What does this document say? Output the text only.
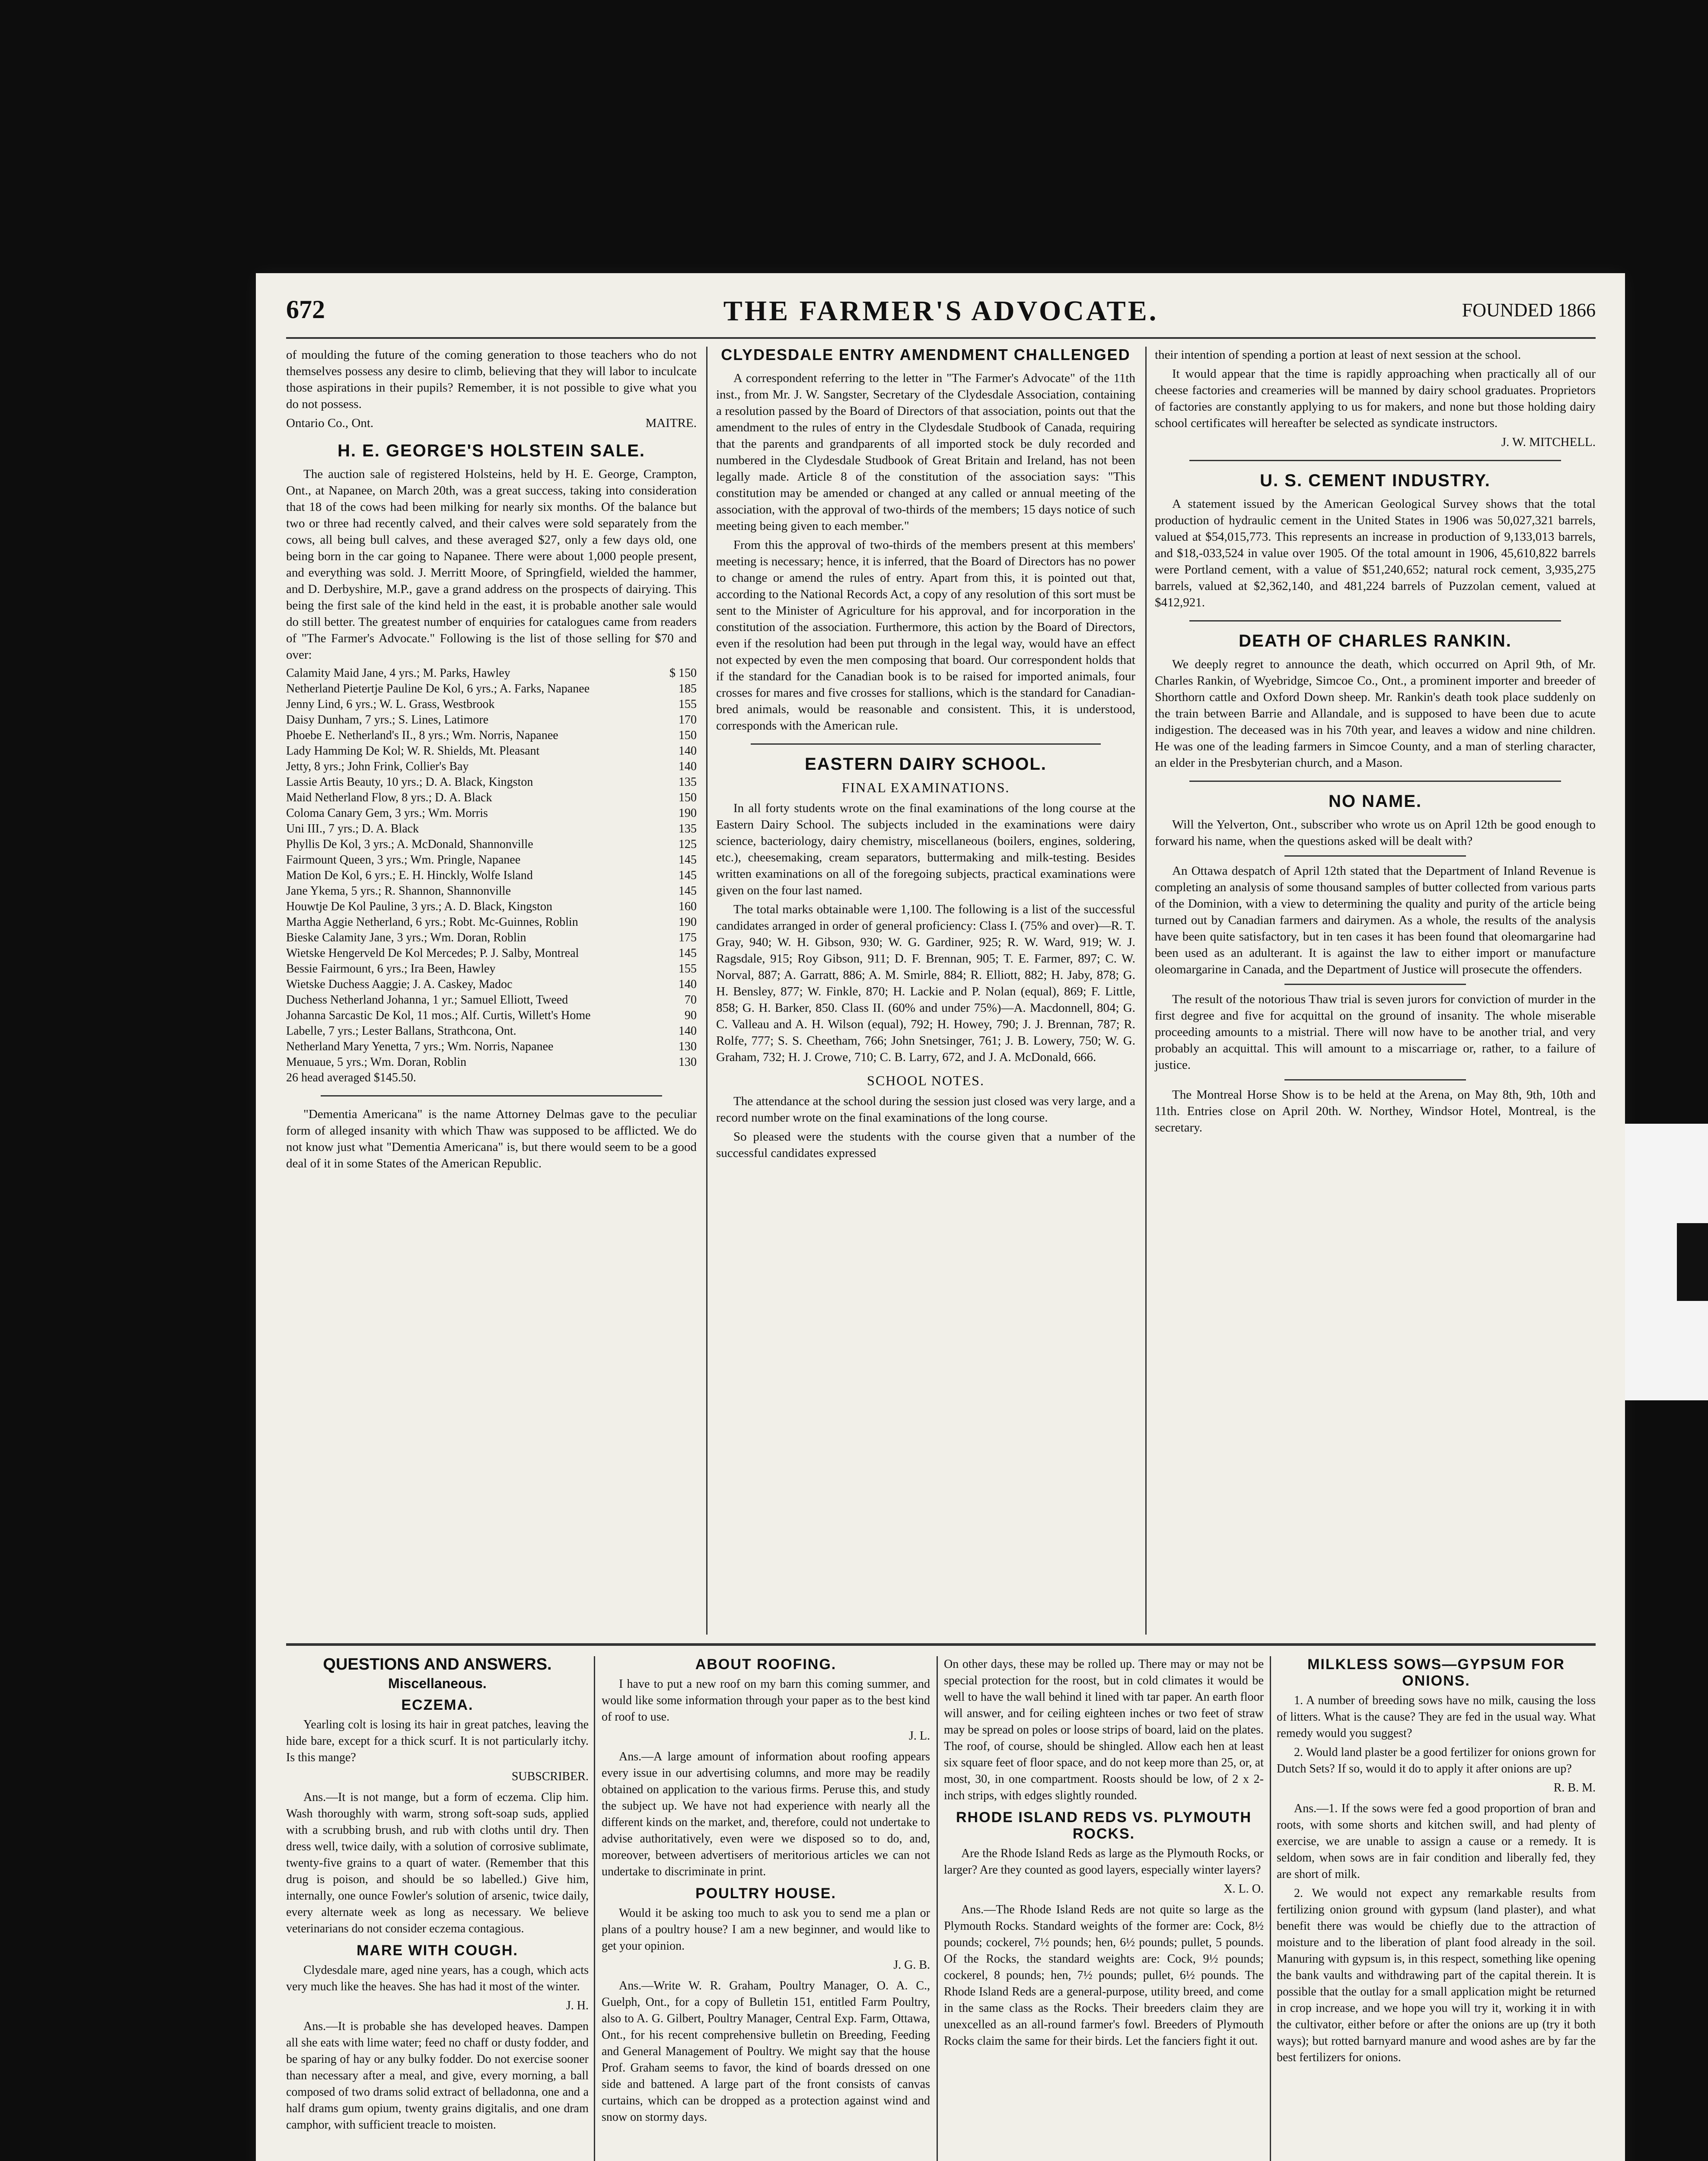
672	THE FARMER'S ADVOCATE.	FOUNDED 1866

of moulding the future of the coming generation to those teachers who do not themselves possess any desire to climb, believing that they will labor to inculcate those aspirations in their pupils? Remember, it is not possible to give what you do not possess.

Ontario Co., Ont.	MAITRE.
H. E. GEORGE'S HOLSTEIN SALE.

The auction sale of registered Holsteins, held by H. E. George, Crampton, Ont., at Napanee, on March 20th, was a great success, taking into consideration that 18 of the cows had been milking for nearly six months. Of the balance but two or three had recently calved, and their calves were sold separately from the cows, all being bull calves, and these averaged $27, only a few days old, one being born in the car going to Napanee. There were about 1,000 people present, and everything was sold. J. Merritt Moore, of Springfield, wielded the hammer, and D. Derbyshire, M.P., gave a grand address on the prospects of dairying. This being the first sale of the kind held in the east, it is probable another sale would do still better. The greatest number of enquiries for catalogues came from readers of "The Farmer's Advocate." Following is the list of those selling for $70 and over:

Calamity Maid Jane, 4 yrs.; M. Parks, Hawley	$ 150
Netherland Pietertje Pauline De Kol, 6 yrs.; A. Farks, Napanee	185
Jenny Lind, 6 yrs.; W. L. Grass, Westbrook	155
Daisy Dunham, 7 yrs.; S. Lines, Latimore	170
Phoebe E. Netherland's II., 8 yrs.; Wm. Norris, Napanee	150
Lady Hamming De Kol; W. R. Shields, Mt. Pleasant	140
Jetty, 8 yrs.; John Frink, Collier's Bay	140
Lassie Artis Beauty, 10 yrs.; D. A. Black, Kingston	135
Maid Netherland Flow, 8 yrs.; D. A. Black	150
Coloma Canary Gem, 3 yrs.; Wm. Morris	190
Uni III., 7 yrs.; D. A. Black	135
Phyllis De Kol, 3 yrs.; A. McDonald, Shannonville	125
Fairmount Queen, 3 yrs.; Wm. Pringle, Napanee	145
Mation De Kol, 6 yrs.; E. H. Hinckly, Wolfe Island	145
Jane Ykema, 5 yrs.; R. Shannon, Shannonville	145
Houwtje De Kol Pauline, 3 yrs.; A. D. Black, Kingston	160
Martha Aggie Netherland, 6 yrs.; Robt. Mc-Guinnes, Roblin	190
Bieske Calamity Jane, 3 yrs.; Wm. Doran, Roblin	175
Wietske Hengerveld De Kol Mercedes; P. J. Salby, Montreal	145
Bessie Fairmount, 6 yrs.; Ira Been, Hawley	155
Wietske Duchess Aaggie; J. A. Caskey, Madoc	140
Duchess Netherland Johanna, 1 yr.; Samuel Elliott, Tweed	70
Johanna Sarcastic De Kol, 11 mos.; Alf. Curtis, Willett's Home	90
Labelle, 7 yrs.; Lester Ballans, Strathcona, Ont.	140
Netherland Mary Yenetta, 7 yrs.; Wm. Norris, Napanee	130
Menuaue, 5 yrs.; Wm. Doran, Roblin	130
26 head averaged $145.50.

"Dementia Americana" is the name Attorney Delmas gave to the peculiar form of alleged insanity with which Thaw was supposed to be afflicted. We do not know just what "Dementia Americana" is, but there would seem to be a good deal of it in some States of the American Republic.

CLYDESDALE ENTRY AMENDMENT CHALLENGED

A correspondent referring to the letter in "The Farmer's Advocate" of the 11th inst., from Mr. J. W. Sangster, Secretary of the Clydesdale Association, containing a resolution passed by the Board of Directors of that association, points out that the amendment to the rules of entry in the Clydesdale Studbook of Canada, requiring that the parents and grandparents of all imported stock be duly recorded and numbered in the Clydesdale Studbook of Great Britain and Ireland, has not been legally made. Article 8 of the constitution of the association says: "This constitution may be amended or changed at any called or annual meeting of the association, with the approval of two-thirds of the members; 15 days notice of such meeting being given to each member."

From this the approval of two-thirds of the members present at this members' meeting is necessary; hence, it is inferred, that the Board of Directors has no power to change or amend the rules of entry. Apart from this, it is pointed out that, according to the National Records Act, a copy of any resolution of this sort must be sent to the Minister of Agriculture for his approval, and for incorporation in the constitution of the association. Furthermore, this action by the Board of Directors, even if the resolution had been put through in the legal way, would have an effect not expected by even the men composing that board. Our correspondent holds that if the standard for the Canadian book is to be raised for imported animals, four crosses for mares and five crosses for stallions, which is the standard for Canadian-bred animals, would be reasonable and consistent. This, it is understood, corresponds with the American rule.

EASTERN DAIRY SCHOOL.
FINAL EXAMINATIONS.

In all forty students wrote on the final examinations of the long course at the Eastern Dairy School. The subjects included in the examinations were dairy science, bacteriology, dairy chemistry, miscellaneous (boilers, engines, soldering, etc.), cheesemaking, cream separators, buttermaking and milk-testing. Besides written examinations on all of the foregoing subjects, practical examinations were given on the four last named.

The total marks obtainable were 1,100. The following is a list of the successful candidates arranged in order of general proficiency: Class I. (75% and over)—R. T. Gray, 940; W. H. Gibson, 930; W. G. Gardiner, 925; R. W. Ward, 919; W. J. Ragsdale, 915; Roy Gibson, 911; D. F. Brennan, 905; T. E. Farmer, 897; C. W. Norval, 887; A. Garratt, 886; A. M. Smirle, 884; R. Elliott, 882; H. Jaby, 878; G. H. Bensley, 877; W. Finkle, 870; H. Lackie and P. Nolan (equal), 869; F. Little, 858; G. H. Barker, 850. Class II. (60% and under 75%)—A. Macdonnell, 804; G. C. Valleau and A. H. Wilson (equal), 792; H. Howey, 790; J. J. Brennan, 787; R. Rolfe, 777; S. S. Cheetham, 766; John Snetsinger, 761; J. B. Lowery, 750; W. G. Graham, 732; H. J. Crowe, 710; C. B. Larry, 672, and J. A. McDonald, 666.

SCHOOL NOTES.

The attendance at the school during the session just closed was very large, and a record number wrote on the final examinations of the long course.

So pleased were the students with the course given that a number of the successful candidates expressed

their intention of spending a portion at least of next session at the school.

It would appear that the time is rapidly approaching when practically all of our cheese factories and creameries will be manned by dairy school graduates. Proprietors of factories are constantly applying to us for makers, and none but those holding dairy school certificates will hereafter be selected as syndicate instructors.

J. W. MITCHELL.
U. S. CEMENT INDUSTRY.

A statement issued by the American Geological Survey shows that the total production of hydraulic cement in the United States in 1906 was 50,027,321 barrels, valued at $54,015,773. This represents an increase in production of 9,133,013 barrels, and $18,-033,524 in value over 1905. Of the total amount in 1906, 45,610,822 barrels were Portland cement, with a value of $51,240,652; natural rock cement, 3,935,275 barrels, valued at $2,362,140, and 481,224 barrels of Puzzolan cement, valued at $412,921.

DEATH OF CHARLES RANKIN.

We deeply regret to announce the death, which occurred on April 9th, of Mr. Charles Rankin, of Wyebridge, Simcoe Co., Ont., a prominent importer and breeder of Shorthorn cattle and Oxford Down sheep. Mr. Rankin's death took place suddenly on the train between Barrie and Allandale, and is supposed to have been due to acute indigestion. The deceased was in his 70th year, and leaves a widow and nine children. He was one of the leading farmers in Simcoe County, and a man of sterling character, an elder in the Presbyterian church, and a Mason.

NO NAME.

Will the Yelverton, Ont., subscriber who wrote us on April 12th be good enough to forward his name, when the questions asked will be dealt with?

An Ottawa despatch of April 12th stated that the Department of Inland Revenue is completing an analysis of some thousand samples of butter collected from various parts of the Dominion, with a view to determining the quality and purity of the article being turned out by Canadian farmers and dairymen. As a whole, the results of the analysis have been quite satisfactory, but in ten cases it has been found that oleomargarine had been used as an adulterant. It is against the law to either import or manufacture oleomargarine in Canada, and the Department of Justice will prosecute the offenders.

The result of the notorious Thaw trial is seven jurors for conviction of murder in the first degree and five for acquittal on the ground of insanity. The whole miserable proceeding amounts to a mistrial. There will now have to be another trial, and very probably an acquittal. This will amount to a miscarriage or, rather, to a failure of justice.

The Montreal Horse Show is to be held at the Arena, on May 8th, 9th, 10th and 11th. Entries close on April 20th. W. Northey, Windsor Hotel, Montreal, is the secretary.

QUESTIONS AND ANSWERS.
Miscellaneous.
ECZEMA.

Yearling colt is losing its hair in great patches, leaving the hide bare, except for a thick scurf. It is not particularly itchy. Is this mange?

SUBSCRIBER.

Ans.—It is not mange, but a form of eczema. Clip him. Wash thoroughly with warm, strong soft-soap suds, applied with a scrubbing brush, and rub with cloths until dry. Then dress well, twice daily, with a solution of corrosive sublimate, twenty-five grains to a quart of water. (Remember that this drug is poison, and should be so labelled.) Give him, internally, one ounce Fowler's solution of arsenic, twice daily, every alternate week as long as necessary. We believe veterinarians do not consider eczema contagious.

MARE WITH COUGH.

Clydesdale mare, aged nine years, has a cough, which acts very much like the heaves. She has had it most of the winter.

J. H.

Ans.—It is probable she has developed heaves. Dampen all she eats with lime water; feed no chaff or dusty fodder, and be sparing of hay or any bulky fodder. Do not exercise sooner than necessary after a meal, and give, every morning, a ball composed of two drams solid extract of belladonna, one and a half drams gum opium, twenty grains digitalis, and one dram camphor, with sufficient treacle to moisten.

ABOUT ROOFING.

I have to put a new roof on my barn this coming summer, and would like some information through your paper as to the best kind of roof to use.

J. L.

Ans.—A large amount of information about roofing appears every issue in our advertising columns, and more may be readily obtained on application to the various firms. Peruse this, and study the subject up. We have not had experience with nearly all the different kinds on the market, and, therefore, could not undertake to advise authoritatively, even were we disposed so to do, and, moreover, between advertisers of meritorious articles we can not undertake to discriminate in print.

POULTRY HOUSE.

Would it be asking too much to ask you to send me a plan or plans of a poultry house? I am a new beginner, and would like to get your opinion.

J. G. B.

Ans.—Write W. R. Graham, Poultry Manager, O. A. C., Guelph, Ont., for a copy of Bulletin 151, entitled Farm Poultry, also to A. G. Gilbert, Poultry Manager, Central Exp. Farm, Ottawa, Ont., for his recent comprehensive bulletin on Breeding, Feeding and General Management of Poultry. We might say that the house Prof. Graham seems to favor, the kind of boards dressed on one side and battened. A large part of the front consists of canvas curtains, which can be dropped as a protection against wind and snow on stormy days.

On other days, these may be rolled up. There may or may not be special protection for the roost, but in cold climates it would be well to have the wall behind it lined with tar paper. An earth floor will answer, and for ceiling eighteen inches or two feet of straw may be spread on poles or loose strips of board, laid on the plates. The roof, of course, should be shingled. Allow each hen at least six square feet of floor space, and do not keep more than 25, or, at most, 30, in one compartment. Roosts should be low, of 2 x 2-inch strips, with edges slightly rounded.

RHODE ISLAND REDS VS. PLYMOUTH ROCKS.

Are the Rhode Island Reds as large as the Plymouth Rocks, or larger? Are they counted as good layers, especially winter layers?

X. L. O.

Ans.—The Rhode Island Reds are not quite so large as the Plymouth Rocks. Standard weights of the former are: Cock, 8½ pounds; cockerel, 7½ pounds; hen, 6½ pounds; pullet, 5 pounds. Of the Rocks, the standard weights are: Cock, 9½ pounds; cockerel, 8 pounds; hen, 7½ pounds; pullet, 6½ pounds. The Rhode Island Reds are a general-purpose, utility breed, and come in the same class as the Rocks. Their breeders claim they are unexcelled as an all-round farmer's fowl. Breeders of Plymouth Rocks claim the same for their birds. Let the fanciers fight it out.

MILKLESS SOWS—GYPSUM FOR ONIONS.

1. A number of breeding sows have no milk, causing the loss of litters. What is the cause? They are fed in the usual way. What remedy would you suggest?

2. Would land plaster be a good fertilizer for onions grown for Dutch Sets? If so, would it do to apply it after onions are up?

R. B. M.

Ans.—1. If the sows were fed a good proportion of bran and roots, with some shorts and kitchen swill, and had plenty of exercise, we are unable to assign a cause or a remedy. It is seldom, when sows are in fair condition and liberally fed, they are short of milk.

2. We would not expect any remarkable results from fertilizing onion ground with gypsum (land plaster), and what benefit there was would be chiefly due to the attraction of moisture and to the liberation of plant food already in the soil. Manuring with gypsum is, in this respect, something like opening the bank vaults and withdrawing part of the capital therein. It is possible that the outlay for a small application might be returned in crop increase, and we hope you will try it, working it in with the cultivator, either before or after the onions are up (try it both ways); but rotted barnyard manure and wood ashes are by far the best fertilizers for onions.
